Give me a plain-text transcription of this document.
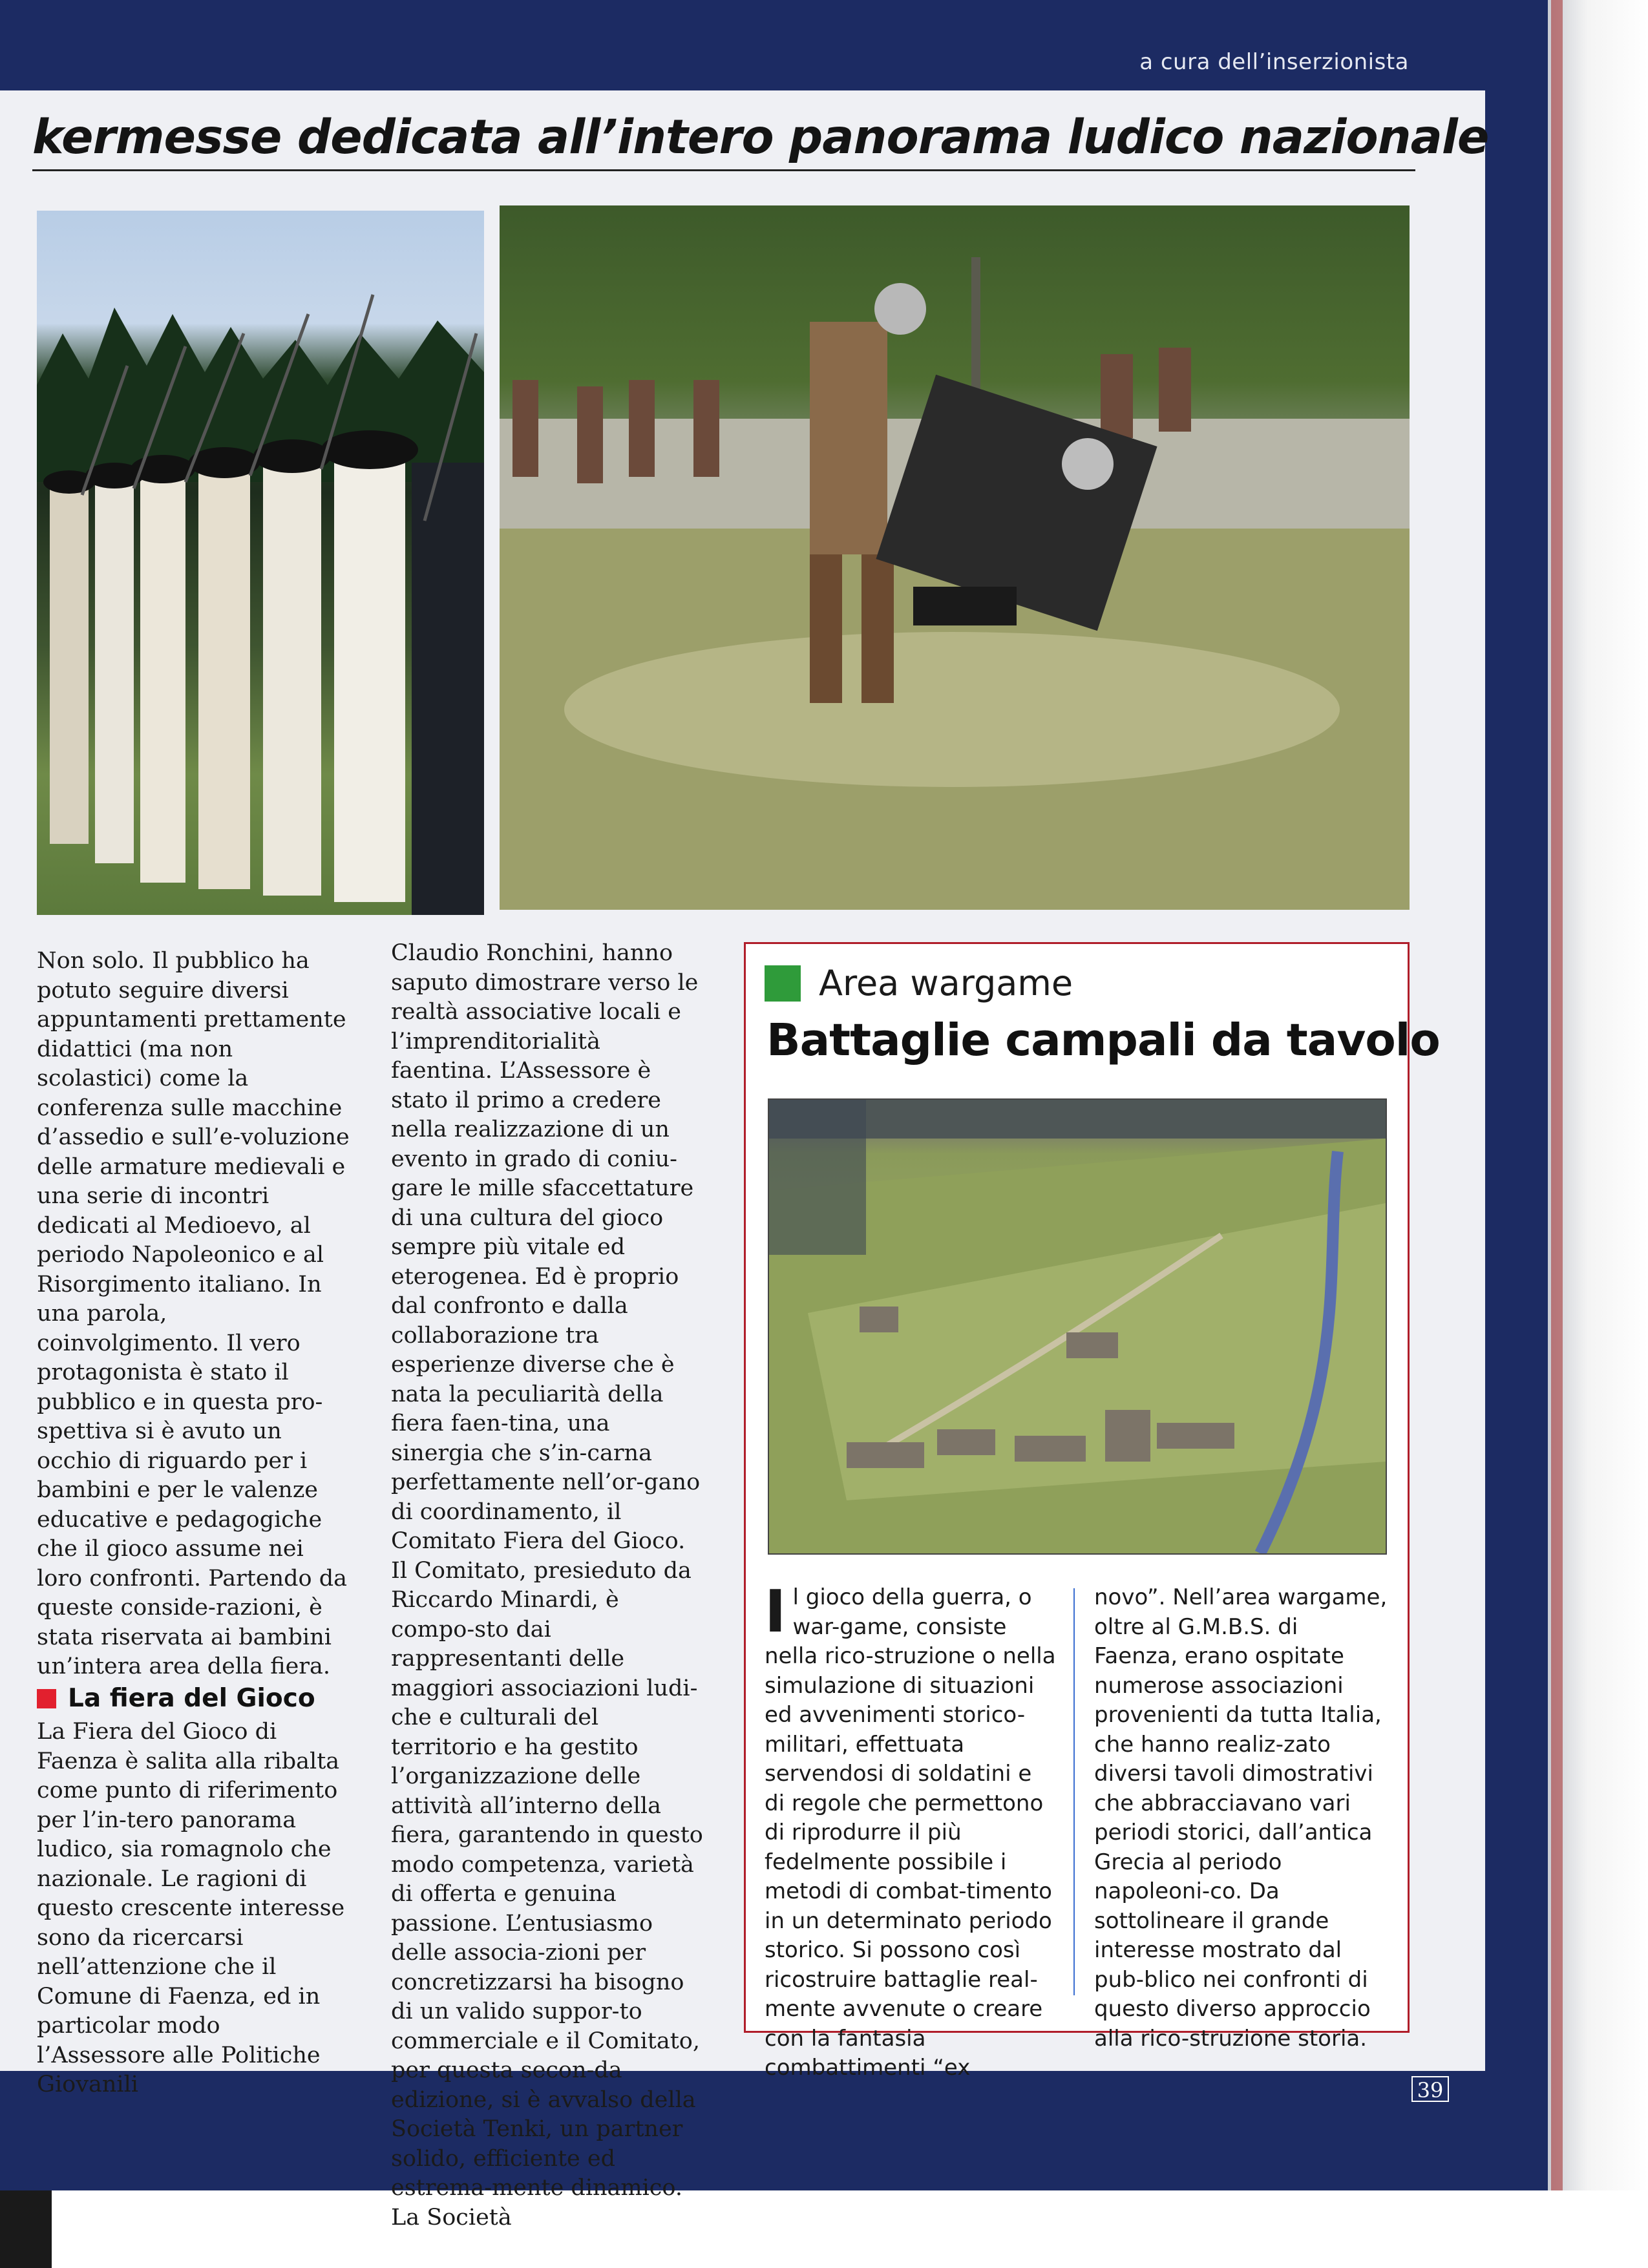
a cura dell’inserzionista
kermesse dedicata all’intero panorama ludico nazionale

Non solo. Il pubblico ha potuto seguire diversi appuntamenti prettamente didattici (ma non scolastici) come la conferenza sulle macchine d’assedio e sull’e-voluzione delle armature medievali e una serie di incontri dedicati al Medioevo, al periodo Napoleonico e al Risorgimento italiano. In una parola, coinvolgimento. Il vero protagonista è stato il pubblico e in questa pro-spettiva si è avuto un occhio di riguardo per i bambini e per le valenze educative e pedagogiche che il gioco assume nei loro confronti. Partendo da queste conside-razioni, è stata riservata ai bambini un’intera area della fiera.

La fiera del Gioco

La Fiera del Gioco di Faenza è salita alla ribalta come punto di riferimento per l’in-tero panorama ludico, sia romagnolo che nazionale. Le ragioni di questo crescente interesse sono da ricercarsi nell’attenzione che il Comune di Faenza, ed in particolar modo l’Assessore alle Politiche Giovanili

Claudio Ronchini, hanno saputo dimostrare verso le realtà associative locali e l’imprenditorialità faentina. L’Assessore è stato il primo a credere nella realizzazione di un evento in grado di coniu-gare le mille sfaccettature di una cultura del gioco sempre più vitale ed eterogenea. Ed è proprio dal confronto e dalla collaborazione tra esperienze diverse che è nata la peculiarità della fiera faen-tina, una sinergia che s’in-carna perfettamente nell’or-gano di coordinamento, il Comitato Fiera del Gioco. Il Comitato, presieduto da Riccardo Minardi, è compo-sto dai rappresentanti delle maggiori associazioni ludi-che e culturali del territorio e ha gestito l’organizzazione delle attività all’interno della fiera, garantendo in questo modo competenza, varietà di offerta e genuina passione. L’entusiasmo delle associa-zioni per concretizzarsi ha bisogno di un valido suppor-to commerciale e il Comitato, per questa secon-da edizione, si è avvalso della Società Tenki, un partner solido, efficiente ed estrema-mente dinamico. La Società

Area wargame
Battaglie campali da tavolo

Il gioco della guerra, o war-game, consiste nella rico-struzione o nella simulazione di situazioni ed avvenimenti storico-militari, effettuata servendosi di soldatini e di regole che permettono di riprodurre il più fedelmente possibile i metodi di combat-timento in un determinato periodo storico. Si possono così ricostruire battaglie real-mente avvenute o creare con la fantasia combattimenti “ex

novo”. Nell’area wargame, oltre al G.M.B.S. di Faenza, erano ospitate numerose associazioni provenienti da tutta Italia, che hanno realiz-zato diversi tavoli dimostrativi che abbracciavano vari periodi storici, dall’antica Grecia al periodo napoleoni-co. Da sottolineare il grande interesse mostrato dal pub-blico nei confronti di questo diverso approccio alla rico-struzione storia.

39
